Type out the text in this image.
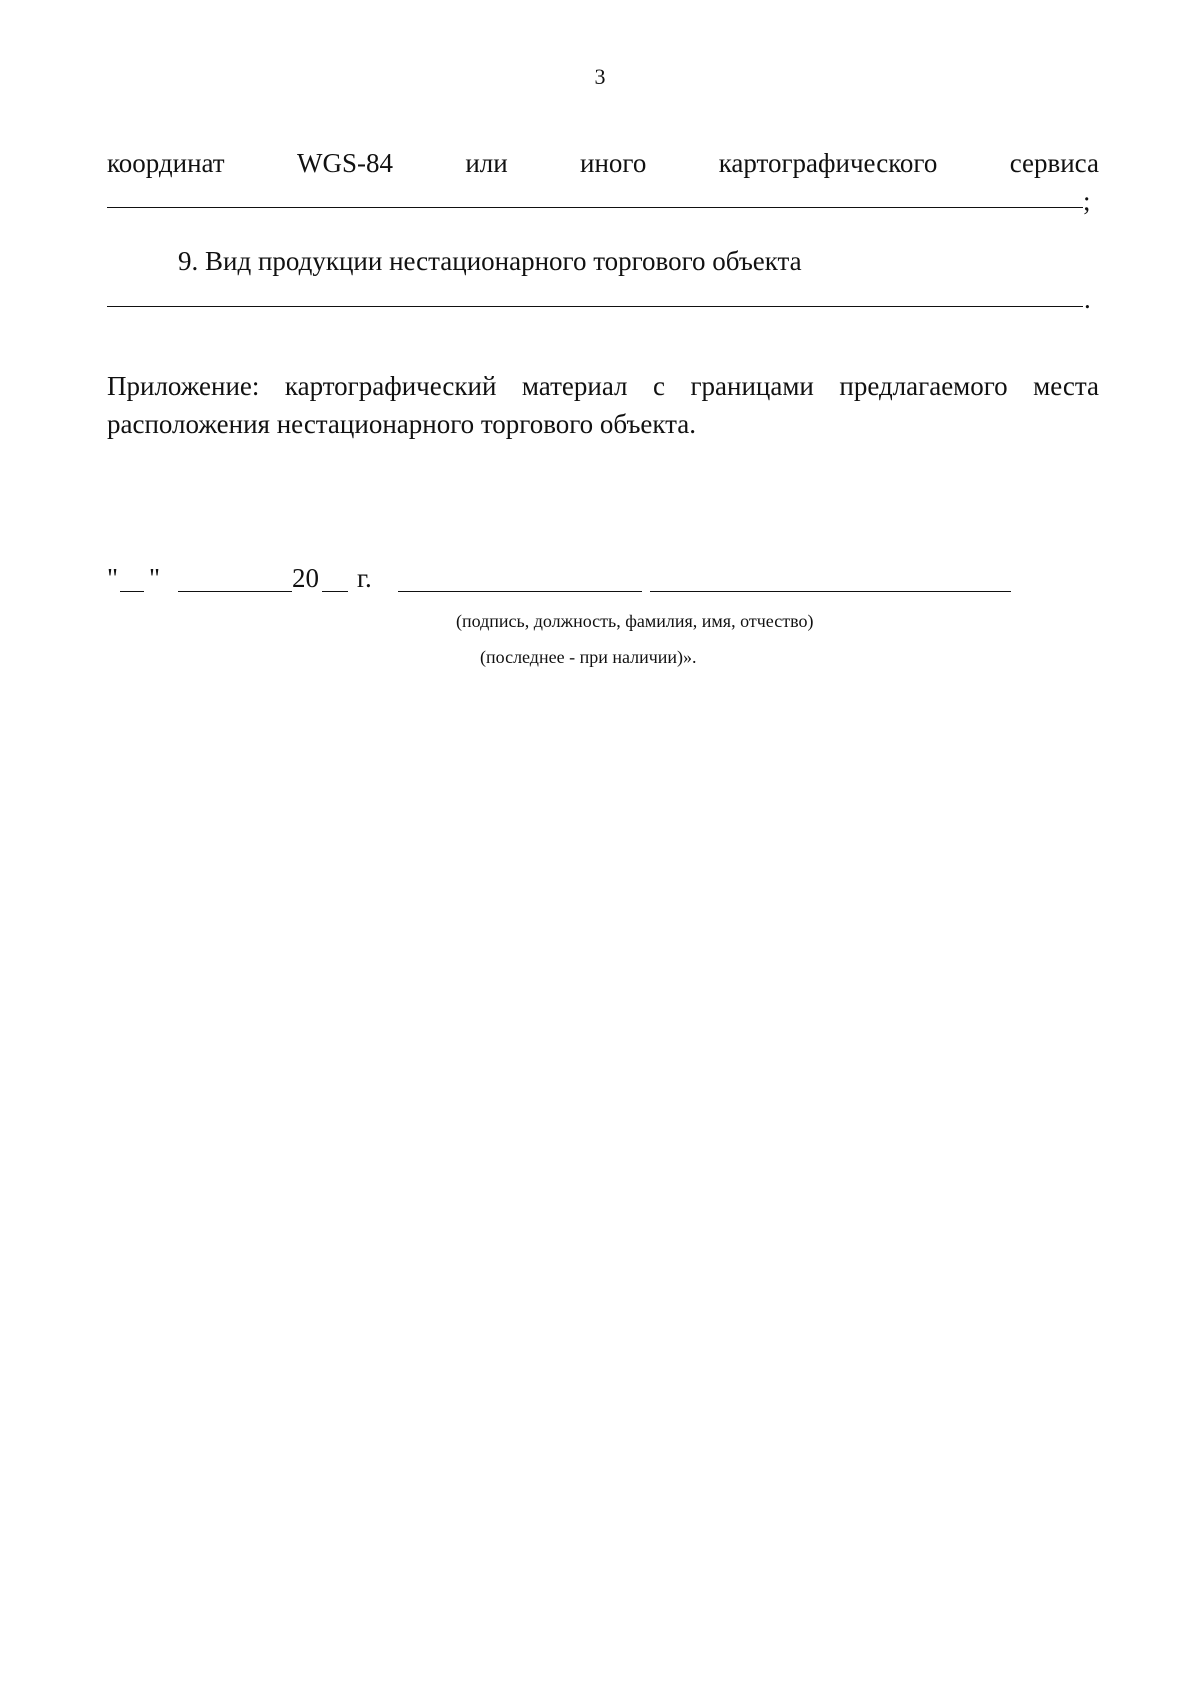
3
координат	WGS-84	или	иного	картографического	сервиса
;
9. Вид продукции нестационарного торгового объекта
.
Приложение: картографический материал с границами предлагаемого места
расположения нестационарного торгового объекта.
" "	20 г.
(подпись, должность, фамилия, имя, отчество)
(последнее - при наличии)».
